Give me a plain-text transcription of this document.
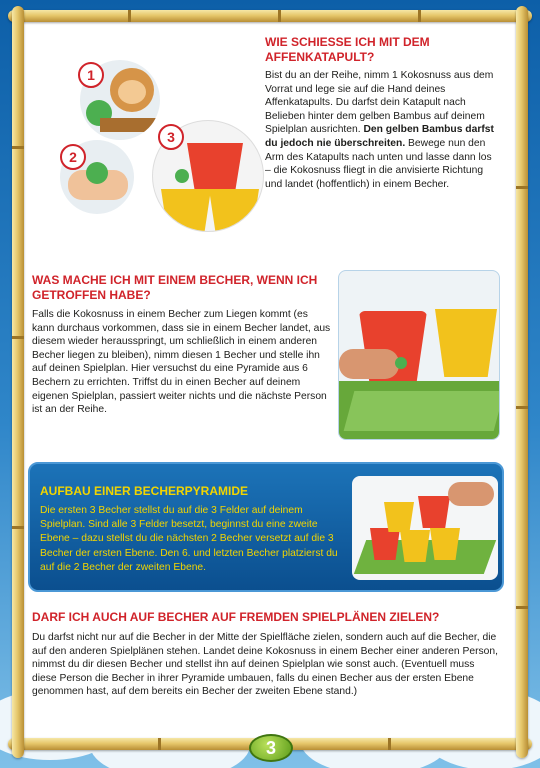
1
2
3
WIE SCHIESSE ICH MIT DEM AFFENKATAPULT?

Bist du an der Reihe, nimm 1 Kokosnuss aus dem Vorrat und lege sie auf die Hand deines Affenkatapults. Du darfst dein Katapult nach Belieben hinter dem gelben Bambus auf deinem Spielplan ausrichten. Den gelben Bambus darfst du jedoch nie überschreiten. Bewege nun den Arm des Katapults nach unten und lasse dann los – die Kokosnuss fliegt in die anvisierte Richtung und landet (hoffentlich) in einem Becher.

WAS MACHE ICH MIT EINEM BECHER, WENN ICH GETROFFEN HABE?

Falls die Kokosnuss in einem Becher zum Liegen kommt (es kann durchaus vorkommen, dass sie in einem Becher landet, aus diesem wieder herausspringt, um schließlich in einem anderen Becher liegen zu bleiben), nimm diesen 1 Becher und stelle ihn auf deinen Spielplan. Hier versuchst du eine Pyramide aus 6 Bechern zu errichten. Triffst du in einen Becher auf deinem eigenen Spielplan, passiert weiter nichts und die nächste Person ist an der Reihe.

AUFBAU EINER BECHERPYRAMIDE

Die ersten 3 Becher stellst du auf die 3 Felder auf deinem Spielplan. Sind alle 3 Felder besetzt, beginnst du eine zweite Ebene – dazu stellst du die nächsten 2 Becher versetzt auf die 3 Becher der ersten Ebene. Den 6. und letzten Becher platzierst du auf die 2 Becher der zweiten Ebene.

DARF ICH AUCH AUF BECHER AUF FREMDEN SPIELPLÄNEN ZIELEN?

Du darfst nicht nur auf die Becher in der Mitte der Spielfläche zielen, sondern auch auf die Becher, die auf den anderen Spielplänen stehen. Landet deine Kokosnuss in einem Becher einer anderen Person, nimmst du dir diesen Becher und stellst ihn auf deinen Spielplan wie sonst auch. (Eventuell muss diese Person die Becher in ihrer Pyramide umbauen, falls du einen Becher aus der ersten Ebene genommen hast, auf dem bereits ein Becher der zweiten Ebene stand.)

3
